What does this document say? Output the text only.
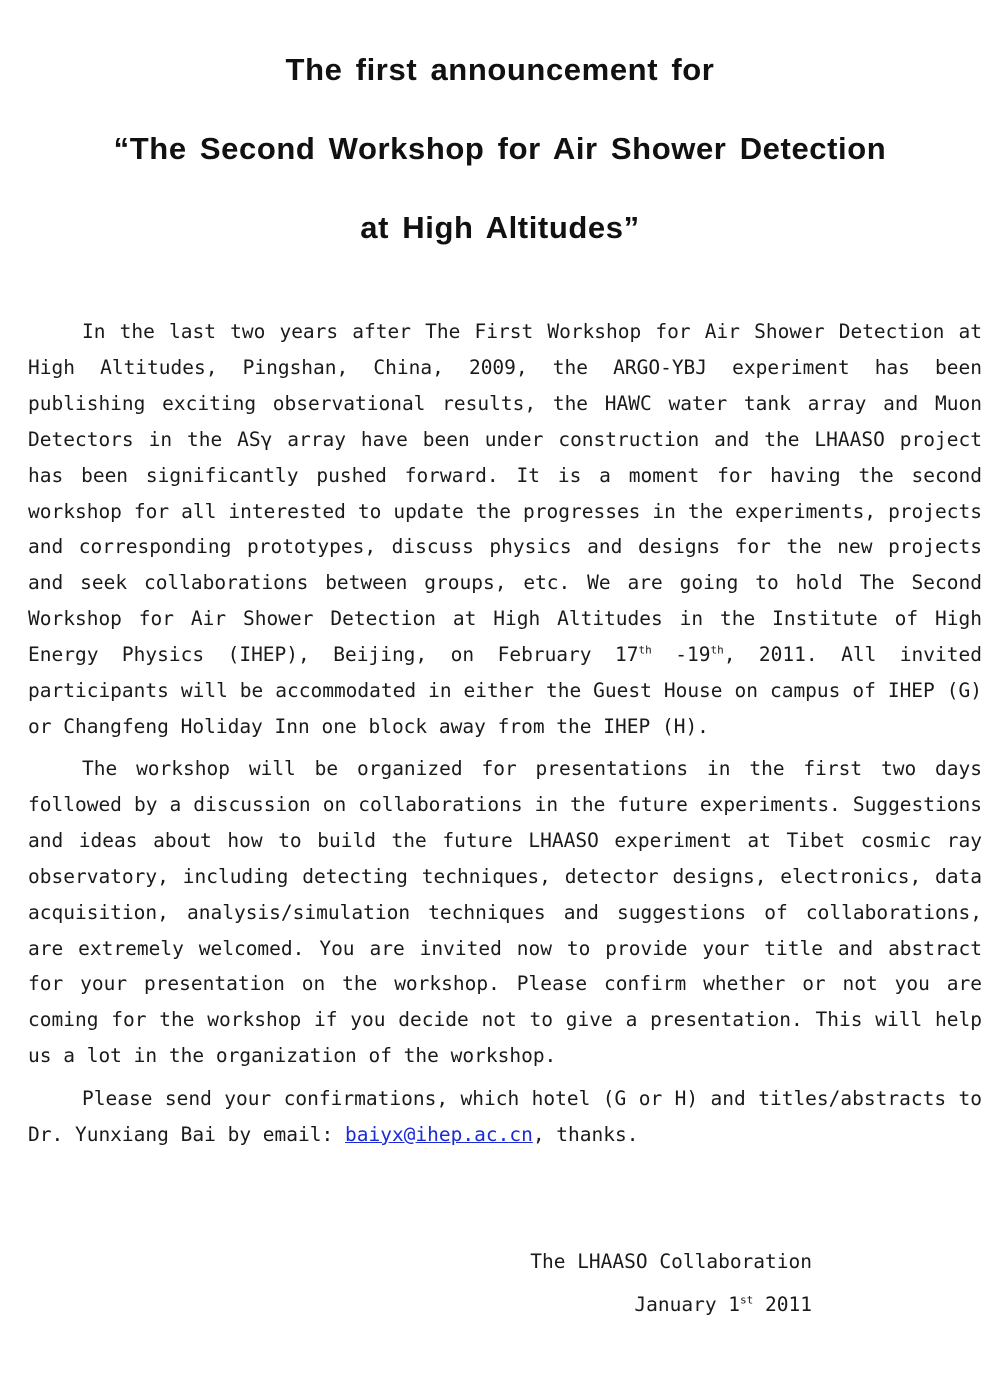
The first announcement for
“The Second Workshop for Air Shower Detection
at High Altitudes”

In the last two years after The First Workshop for Air Shower Detection at High Altitudes, Pingshan, China, 2009, the ARGO-YBJ experiment has been publishing exciting observational results, the HAWC water tank array and Muon Detectors in the ASγ array have been under construction and the LHAASO project has been significantly pushed forward. It is a moment for having the second workshop for all interested to update the progresses in the experiments, projects and corresponding prototypes, discuss physics and designs for the new projects and seek collaborations between groups, etc. We are going to hold The Second Workshop for Air Shower Detection at High Altitudes in the Institute of High Energy Physics (IHEP), Beijing, on February 17th -19th, 2011. All invited participants will be accommodated in either the Guest House on campus of IHEP (G) or Changfeng Holiday Inn one block away from the IHEP (H).

The workshop will be organized for presentations in the first two days followed by a discussion on collaborations in the future experiments. Suggestions and ideas about how to build the future LHAASO experiment at Tibet cosmic ray observatory, including detecting techniques, detector designs, electronics, data acquisition, analysis/simulation techniques and suggestions of collaborations, are extremely welcomed. You are invited now to provide your title and abstract for your presentation on the workshop. Please confirm whether or not you are coming for the workshop if you decide not to give a presentation. This will help us a lot in the organization of the workshop.

Please send your confirmations, which hotel (G or H) and titles/abstracts to Dr. Yunxiang Bai by email: baiyx@ihep.ac.cn, thanks.

The LHAASO Collaboration

January 1st 2011
